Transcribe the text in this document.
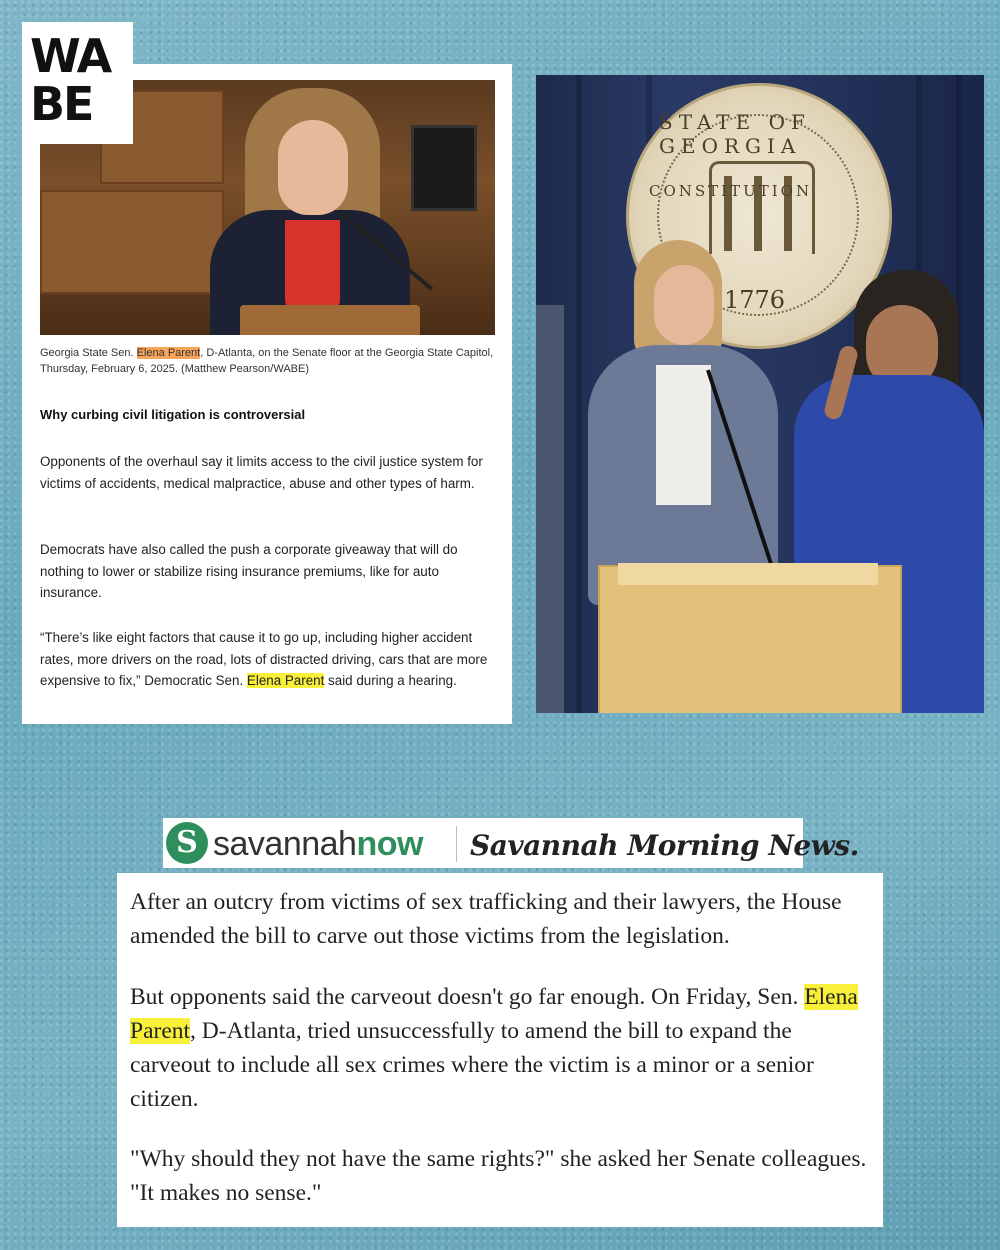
WA
BE
Georgia State Sen. Elena Parent, D-Atlanta, on the Senate floor at the Georgia State Capitol, Thursday, February 6, 2025. (Matthew Pearson/WABE)
Why curbing civil litigation is controversial
Opponents of the overhaul say it limits access to the civil justice system for victims of accidents, medical malpractice, abuse and other types of harm.
Democrats have also called the push a corporate giveaway that will do nothing to lower or stabilize rising insurance premiums, like for auto insurance.
“There’s like eight factors that cause it to go up, including higher accident rates, more drivers on the road, lots of distracted driving, cars that are more expensive to fix,” Democratic Sen. Elena Parent said during a hearing.
CONSTITUTION
STATE OF GEORGIA
1776
S savannahnow Savannah Morning News.
After an outcry from victims of sex trafficking and their lawyers, the House amended the bill to carve out those victims from the legislation.
But opponents said the carveout doesn't go far enough. On Friday, Sen. Elena Parent, D-Atlanta, tried unsuccessfully to amend the bill to expand the carveout to include all sex crimes where the victim is a minor or a senior citizen.
"Why should they not have the same rights?" she asked her Senate colleagues. "It makes no sense."
